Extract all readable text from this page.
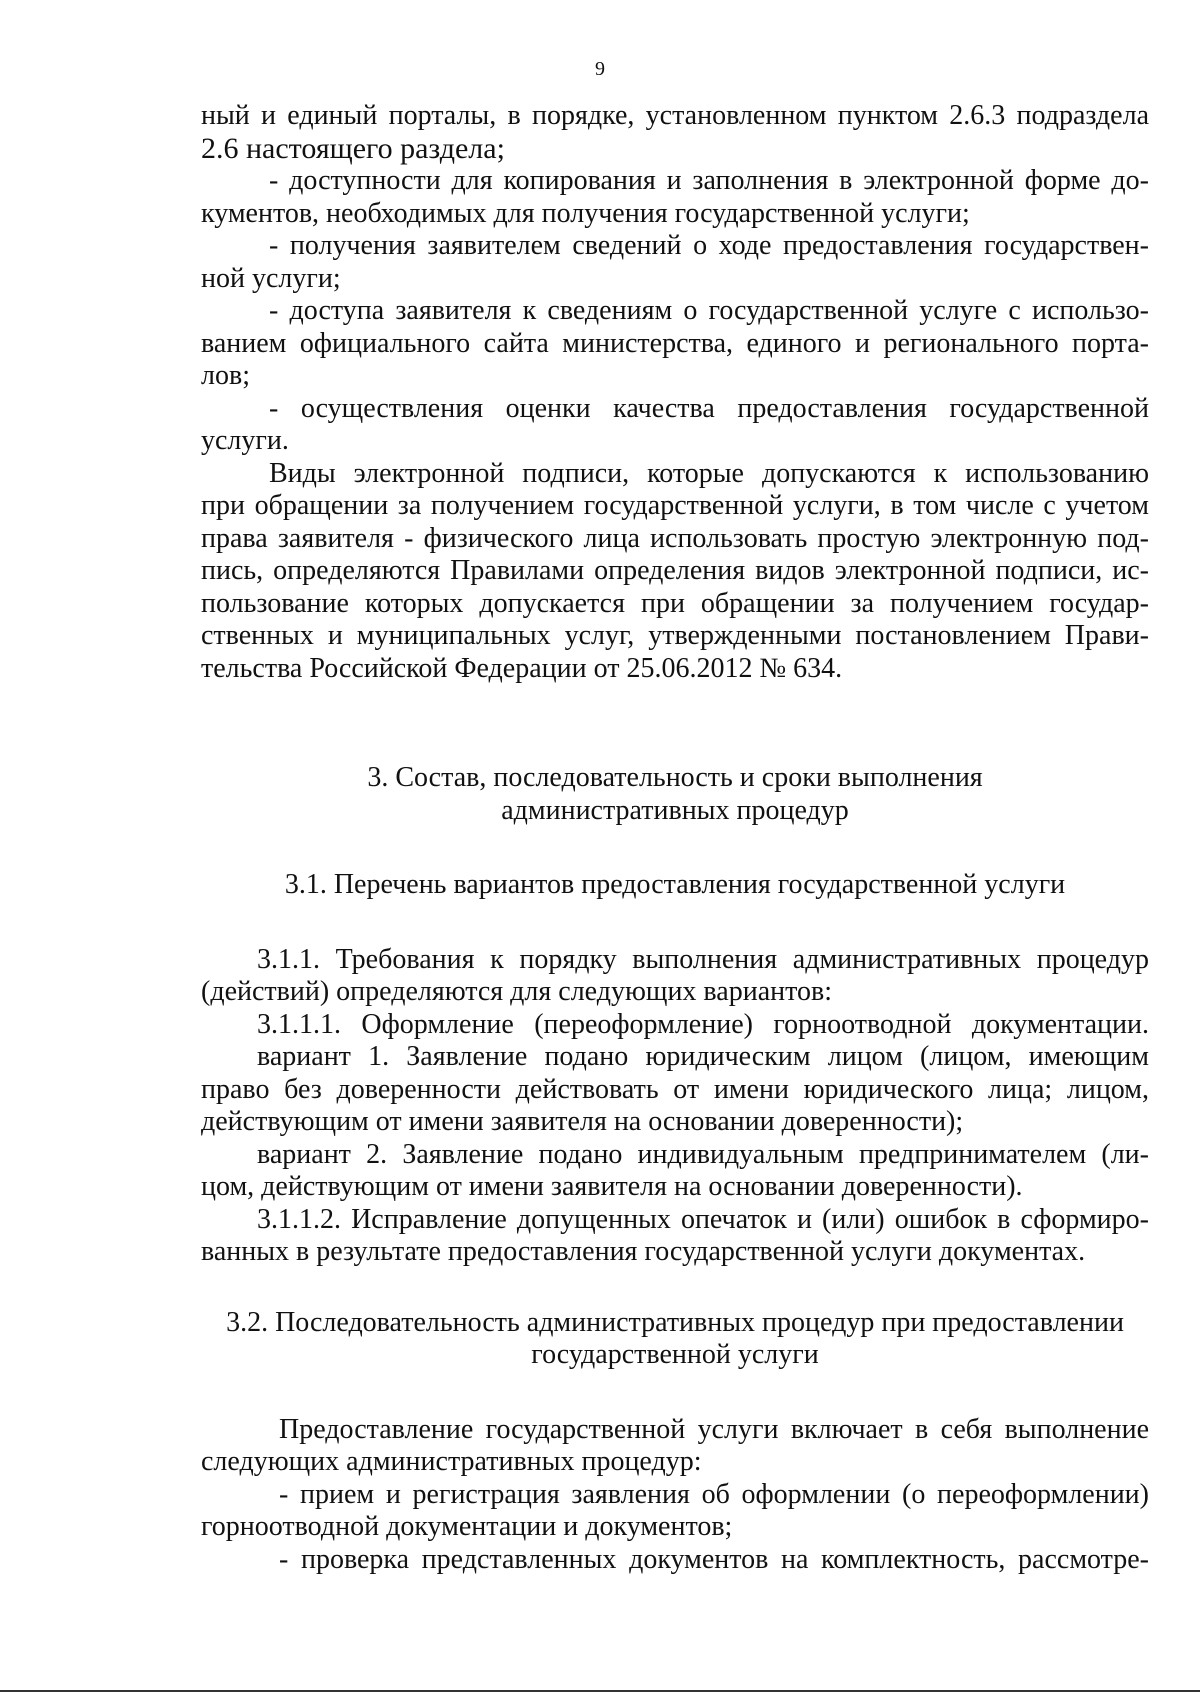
9

ный и единый порталы, в порядке, установленном пунктом 2.6.3 подраздела

2.6 настоящего раздела;

- доступности для копирования и заполнения в электронной форме до-

кументов, необходимых для получения государственной услуги;

- получения заявителем сведений о ходе предоставления государствен-

ной услуги;

- доступа заявителя к сведениям о государственной услуге с использо-

ванием официального сайта министерства, единого и регионального порта-

лов;

- осуществления оценки качества предоставления государственной

услуги.

Виды электронной подписи, которые допускаются к использованию

при обращении за получением государственной услуги, в том числе с учетом

права заявителя - физического лица использовать простую электронную под-

пись, определяются Правилами определения видов электронной подписи, ис-

пользование которых допускается при обращении за получением государ-

ственных и муниципальных услуг, утвержденными постановлением Прави-

тельства Российской Федерации от 25.06.2012 № 634.

3. Состав, последовательность и сроки выполнения

административных процедур

3.1. Перечень вариантов предоставления государственной услуги

3.1.1. Требования к порядку выполнения административных процедур

(действий) определяются для следующих вариантов:

3.1.1.1. Оформление (переоформление) горноотводной документации.

вариант 1. Заявление подано юридическим лицом (лицом, имеющим

право без доверенности действовать от имени юридического лица; лицом,

действующим от имени заявителя на основании доверенности);

вариант 2. Заявление подано индивидуальным предпринимателем (ли-

цом, действующим от имени заявителя на основании доверенности).

3.1.1.2. Исправление допущенных опечаток и (или) ошибок в сформиро-

ванных в результате предоставления государственной услуги документах.

3.2. Последовательность административных процедур при предоставлении

государственной услуги

Предоставление государственной услуги включает в себя выполнение

следующих административных процедур:

- прием и регистрация заявления об оформлении (о переоформлении)

горноотводной документации и документов;

- проверка представленных документов на комплектность, рассмотре-
